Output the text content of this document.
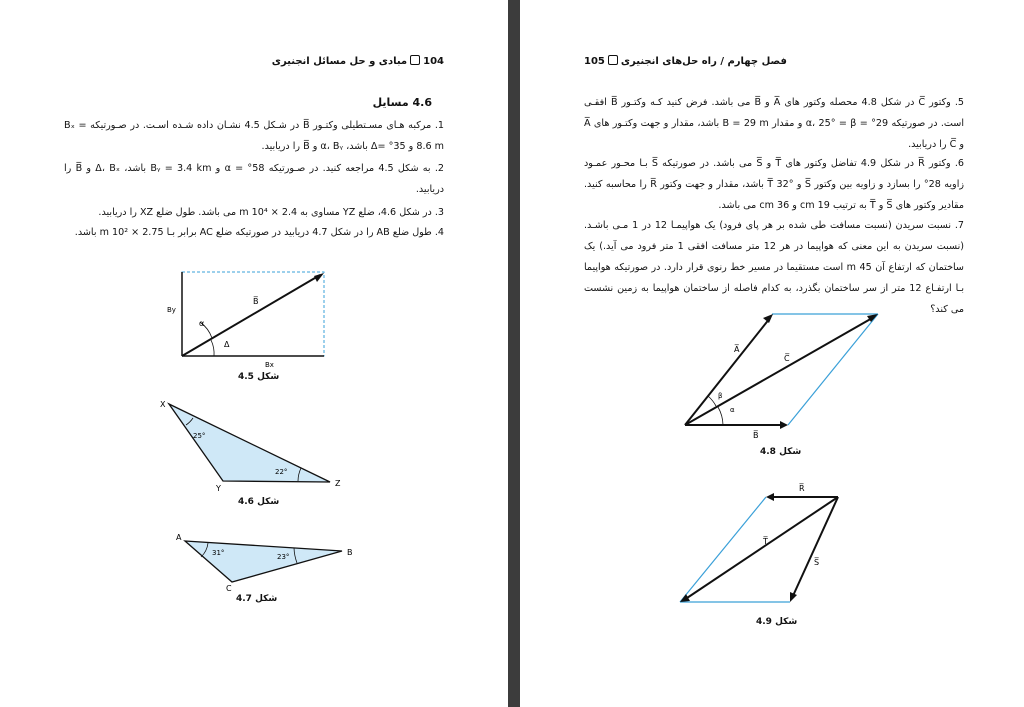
104مبادی و حل مسائل انجنیری
4.6 مسایل
1. مرکبه هـای مسـتطیلی وکتـور B̅ در شـکل 4.5 نشـان داده شـده اسـت. در صـورتیکه Bₓ = 8.6 m و 35° =Δ باشد، α، Bᵧ و B̅ را دریابید.
2. به شکل 4.5 مراجعه کنید. در صـورتیکه 58° = α و Bᵧ = 3.4 km باشد، Δ، Bₓ و B̅ را دریابید.
3. در شکل 4.6، ضلع YZ مساوی به 2.4 × 10⁴ m می باشد. طول ضلع XZ را دریابید.
4. طول ضلع AB را در شکل 4.7 دریابید در صورتیکه ضلع AC برابر بـا 2.75 × 10² m باشد.
B̅
By
Bx
α
Δ
X
Y
Z
25°
22°
A
B
C
31°	23°
شکل 4.5
شکل 4.6
شکل 4.7
فصل چهارم / راه حل‌های انجنیری105
5. وکتور C̅ در شکل 4.8 محصله وکتور های A̅ و B̅ می باشد. فرض کنید کـه وکتـور B̅ افقـی است. در صورتیکه 29° = α، 25° = β و مقدار B = 29 m باشد، مقدار و جهت وکتـور های A̅ و C̅ را دریابید.
6. وکتور R̅ در شکل 4.9 تفاضل وکتور های T̅ و S̅ می باشد. در صورتیکه S̅ بـا محـور عمـود زاویه 28° را بسازد و زاویه بین وکتور S̅ و T̅ 32° باشد، مقدار و جهت وکتور R̅ را محاسبه کنید. مقادیر وکتور های S̅ و T̅ به ترتیب 19 cm و 36 cm می باشد.
7. نسبت سریدن (نسبت مسافت طی شده بر هر پای فرود) یک هواپیمـا 12 در 1 مـی باشـد. (نسبت سریدن به این معنی که هواپیما در هر 12 متر مسافت افقی 1 متر فرود می آید.) یک ساختمان که ارتفاع آن 45 m است مستقیما در مسیر خط رنوی قرار دارد. در صورتیکه هواپیما بـا ارتفـاع 12 متر از سر ساختمان بگذرد، به کدام فاصله از ساختمان هواپیما به زمین نشست می کند؟
A̅
C̅
B̅
β
α
R̅
T̅
S̅
شکل 4.8
شکل 4.9
